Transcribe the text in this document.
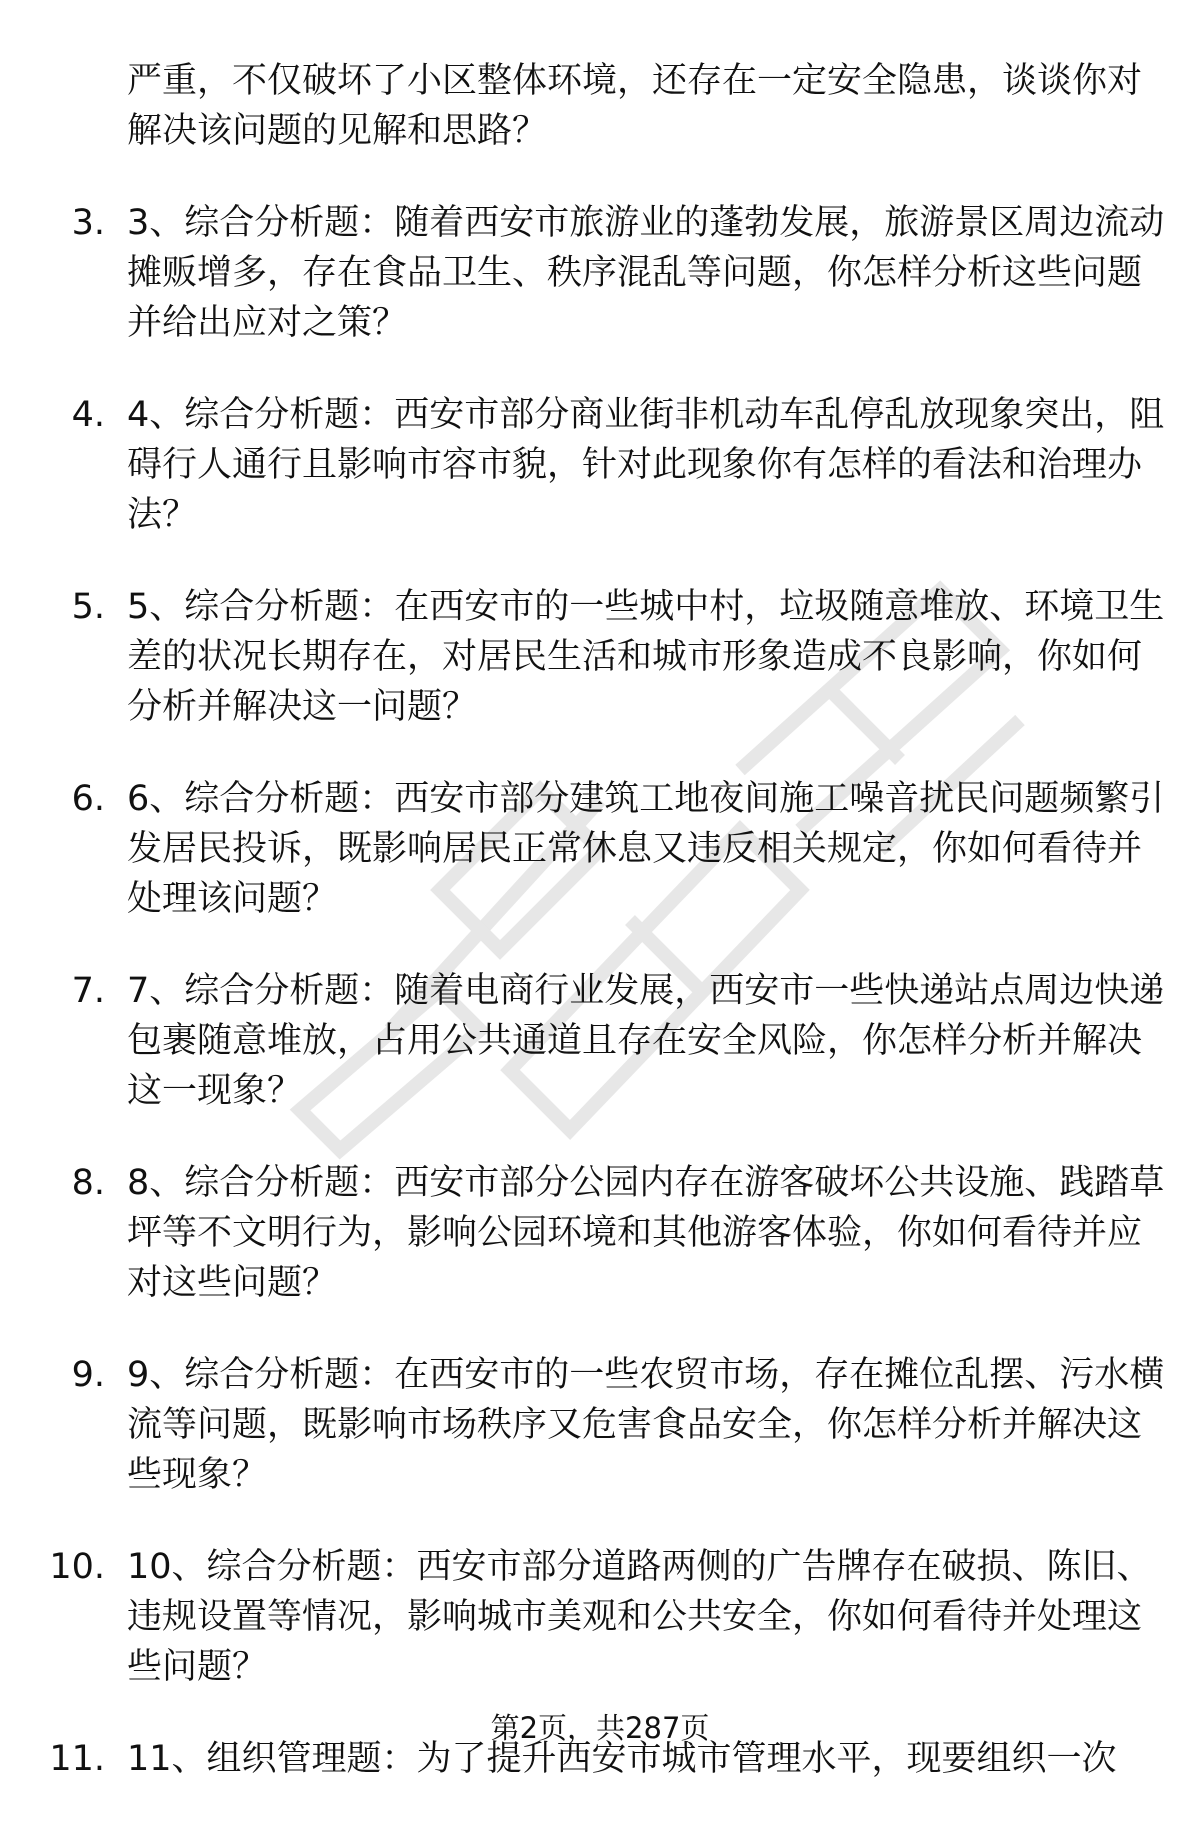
严重，不仅破坏了小区整体环境，还存在一定安全隐患，谈谈你对解决该问题的见解和思路？
3. 3、综合分析题：随着西安市旅游业的蓬勃发展，旅游景区周边流动摊贩增多，存在食品卫生、秩序混乱等问题，你怎样分析这些问题并给出应对之策？
4. 4、综合分析题：西安市部分商业街非机动车乱停乱放现象突出，阻碍行人通行且影响市容市貌，针对此现象你有怎样的看法和治理办法？
5. 5、综合分析题：在西安市的一些城中村，垃圾随意堆放、环境卫生差的状况长期存在，对居民生活和城市形象造成不良影响，你如何分析并解决这一问题？
6. 6、综合分析题：西安市部分建筑工地夜间施工噪音扰民问题频繁引发居民投诉，既影响居民正常休息又违反相关规定，你如何看待并处理该问题？
7. 7、综合分析题：随着电商行业发展，西安市一些快递站点周边快递包裹随意堆放，占用公共通道且存在安全风险，你怎样分析并解决这一现象？
8. 8、综合分析题：西安市部分公园内存在游客破坏公共设施、践踏草坪等不文明行为，影响公园环境和其他游客体验，你如何看待并应对这些问题？
9. 9、综合分析题：在西安市的一些农贸市场，存在摊位乱摆、污水横流等问题，既影响市场秩序又危害食品安全，你怎样分析并解决这些现象？
10. 10、综合分析题：西安市部分道路两侧的广告牌存在破损、陈旧、违规设置等情况，影响城市美观和公共安全，你如何看待并处理这些问题？
11. 11、组织管理题：为了提升西安市城市管理水平，现要组织一次
第2页，共287页
